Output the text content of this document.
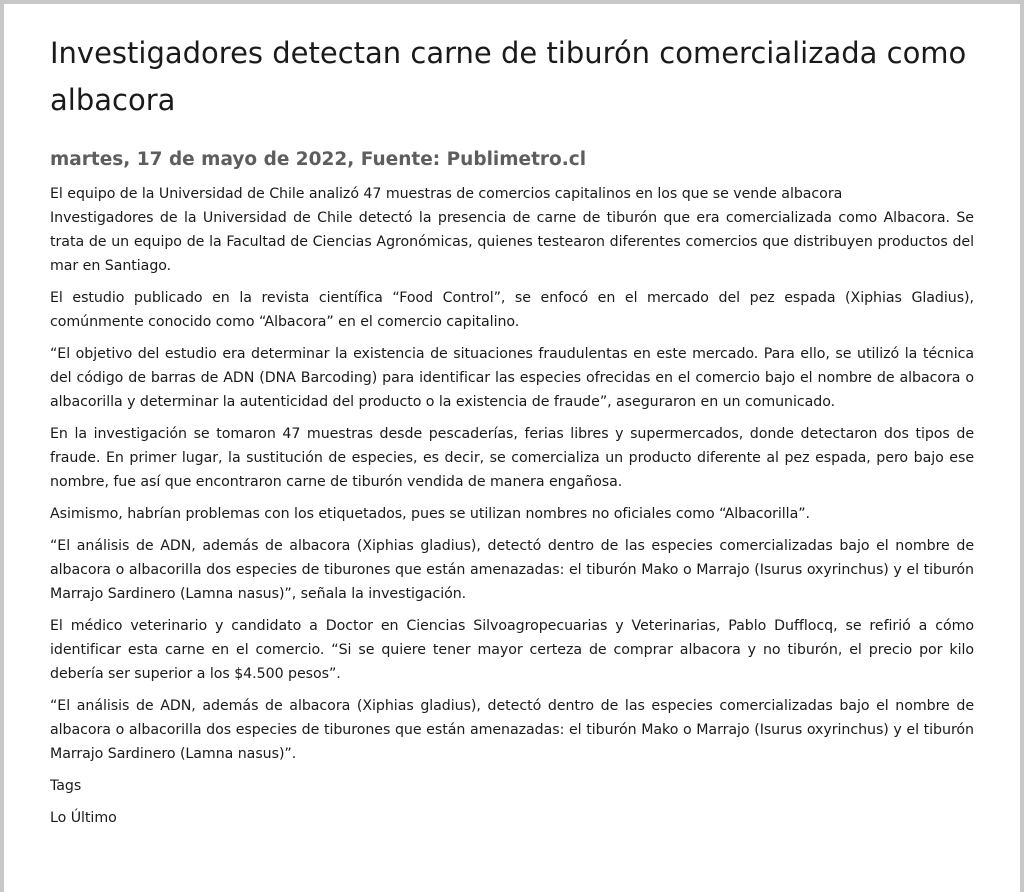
Investigadores detectan carne de tiburón comercializada como albacora
martes, 17 de mayo de 2022, Fuente: Publimetro.cl

El equipo de la Universidad de Chile analizó 47 muestras de comercios capitalinos en los que se vende albacora

Investigadores de la Universidad de Chile detectó la presencia de carne de tiburón que era comercializada como Albacora. Se trata de un equipo de la Facultad de Ciencias Agronómicas, quienes testearon diferentes comercios que distribuyen productos del mar en Santiago.

El estudio publicado en la revista científica “Food Control”, se enfocó en el mercado del pez espada (Xiphias Gladius), comúnmente conocido como “Albacora” en el comercio capitalino.

“El objetivo del estudio era determinar la existencia de situaciones fraudulentas en este mercado. Para ello, se utilizó la técnica del código de barras de ADN (DNA Barcoding) para identificar las especies ofrecidas en el comercio bajo el nombre de albacora o albacorilla y determinar la autenticidad del producto o la existencia de fraude”, aseguraron en un comunicado.

En la investigación se tomaron 47 muestras desde pescaderías, ferias libres y supermercados, donde detectaron dos tipos de fraude. En primer lugar, la sustitución de especies, es decir, se comercializa un producto diferente al pez espada, pero bajo ese nombre, fue así que encontraron carne de tiburón vendida de manera engañosa.

Asimismo, habrían problemas con los etiquetados, pues se utilizan nombres no oficiales como “Albacorilla”.

“El análisis de ADN, además de albacora (Xiphias gladius), detectó dentro de las especies comercializadas bajo el nombre de albacora o albacorilla dos especies de tiburones que están amenazadas: el tiburón Mako o Marrajo (Isurus oxyrinchus) y el tiburón Marrajo Sardinero (Lamna nasus)”, señala la investigación.

El médico veterinario y candidato a Doctor en Ciencias Silvoagropecuarias y Veterinarias, Pablo Dufflocq, se refirió a cómo identificar esta carne en el comercio. “Si se quiere tener mayor certeza de comprar albacora y no tiburón, el precio por kilo debería ser superior a los $4.500 pesos”.

“El análisis de ADN, además de albacora (Xiphias gladius), detectó dentro de las especies comercializadas bajo el nombre de albacora o albacorilla dos especies de tiburones que están amenazadas: el tiburón Mako o Marrajo (Isurus oxyrinchus) y el tiburón Marrajo Sardinero (Lamna nasus)”.

Tags

Lo Último
